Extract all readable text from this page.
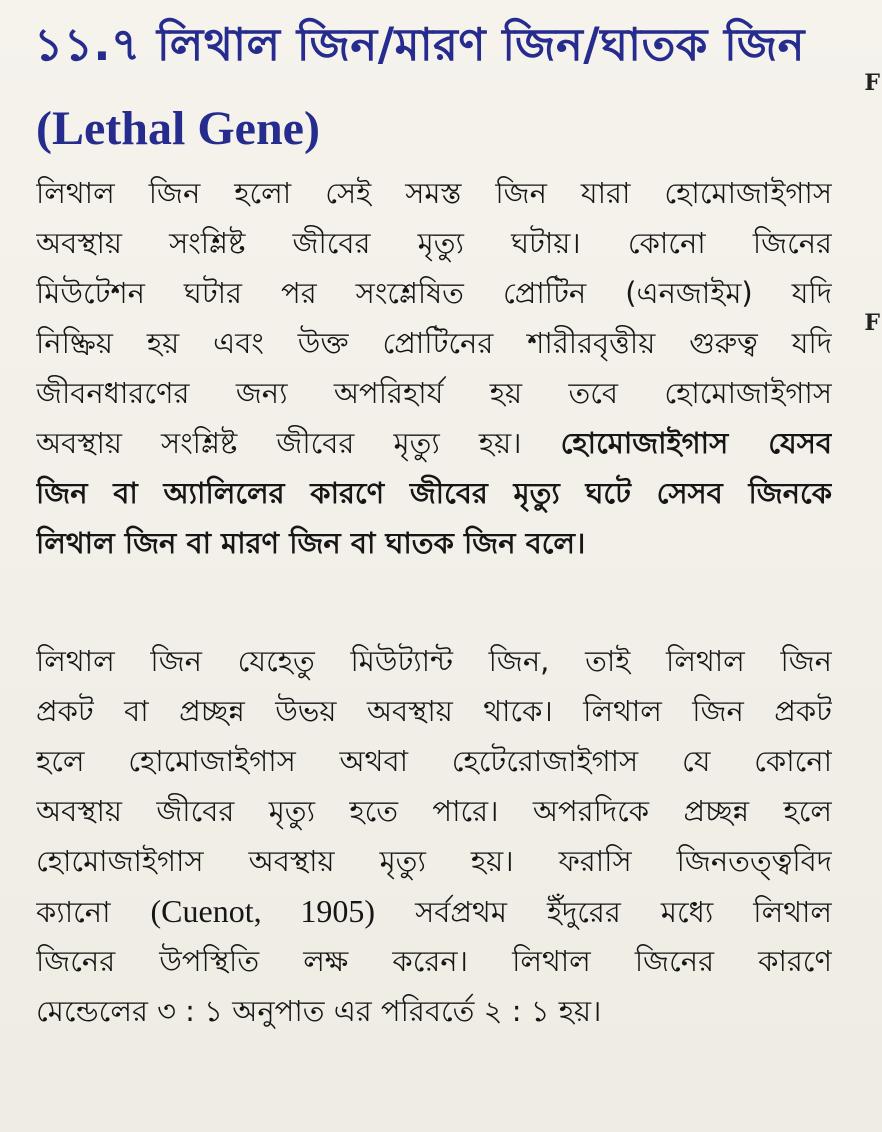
F
F
১১.৭ লিথাল জিন/মারণ জিন/ঘাতক জিন
(Lethal Gene)
লিথাল জিন হলো সেই সমস্ত জিন যারা হোমোজাইগাস
অবস্থায় সংশ্লিষ্ট জীবের মৃত্যু ঘটায়। কোনো জিনের
মিউটেশন ঘটার পর সংশ্লেষিত প্রোটিন (এনজাইম) যদি
নিষ্ক্রিয় হয় এবং উক্ত প্রোটিনের শারীরবৃত্তীয় গুরুত্ব যদি
জীবনধারণের জন্য অপরিহার্য হয় তবে হোমোজাইগাস
অবস্থায় সংশ্লিষ্ট জীবের মৃত্যু হয়। হোমোজাইগাস যেসব
জিন বা অ্যালিলের কারণে জীবের মৃত্যু ঘটে সেসব জিনকে
লিথাল জিন বা মারণ জিন বা ঘাতক জিন বলে।
লিথাল জিন যেহেতু মিউট্যান্ট জিন, তাই লিথাল জিন
প্রকট বা প্রচ্ছন্ন উভয় অবস্থায় থাকে। লিথাল জিন প্রকট
হলে হোমোজাইগাস অথবা হেটেরোজাইগাস যে কোনো
অবস্থায় জীবের মৃত্যু হতে পারে। অপরদিকে প্রচ্ছন্ন হলে
হোমোজাইগাস অবস্থায় মৃত্যু হয়। ফরাসি জিনতত্ত্ববিদ
ক্যানো (Cuenot, 1905) সর্বপ্রথম ইঁদুরের মধ্যে লিথাল
জিনের উপস্থিতি লক্ষ করেন। লিথাল জিনের কারণে
মেন্ডেলের ৩ : ১ অনুপাত এর পরিবর্তে ২ : ১ হয়।
